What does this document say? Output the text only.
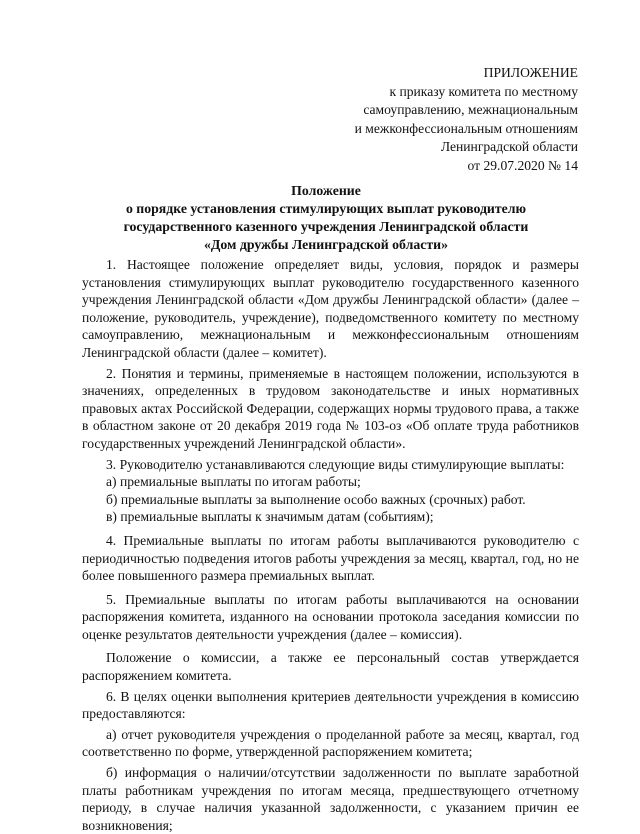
ПРИЛОЖЕНИЕ
к приказу комитета по местному
самоуправлению, межнациональным
и межконфессиональным отношениям
Ленинградской области
от 29.07.2020 № 14
Положение
о порядке установления стимулирующих выплат руководителю
государственного казенного учреждения Ленинградской области
«Дом дружбы Ленинградской области»

1. Настоящее положение определяет виды, условия, порядок и размеры установления стимулирующих выплат руководителю государственного казенного учреждения Ленинградской области «Дом дружбы Ленинградской области» (далее – положение, руководитель, учреждение), подведомственного комитету по местному самоуправлению, межнациональным и межконфессиональным отношениям Ленинградской области (далее – комитет).

2. Понятия и термины, применяемые в настоящем положении, используются в значениях, определенных в трудовом законодательстве и иных нормативных правовых актах Российской Федерации, содержащих нормы трудового права, а также в областном законе от 20 декабря 2019 года № 103-оз «Об оплате труда работников государственных учреждений Ленинградской области».

3. Руководителю устанавливаются следующие виды стимулирующие выплаты:

а) премиальные выплаты по итогам работы;

б) премиальные выплаты за выполнение особо важных (срочных) работ.

в) премиальные выплаты к значимым датам (событиям);

4. Премиальные выплаты по итогам работы выплачиваются руководителю с периодичностью подведения итогов работы учреждения за месяц, квартал, год, но не более повышенного размера премиальных выплат.

5. Премиальные выплаты по итогам работы выплачиваются на основании распоряжения комитета, изданного на основании протокола заседания комиссии по оценке результатов деятельности учреждения (далее – комиссия).

Положение о комиссии, а также ее персональный состав утверждается распоряжением комитета.

6. В целях оценки выполнения критериев деятельности учреждения в комиссию предоставляются:

а) отчет руководителя учреждения о проделанной работе за месяц, квартал, год соответственно по форме, утвержденной распоряжением комитета;

б) информация о наличии/отсутствии задолженности по выплате заработной платы работникам учреждения по итогам месяца, предшествующего отчетному периоду, в случае наличия указанной задолженности, с указанием причин ее возникновения;
